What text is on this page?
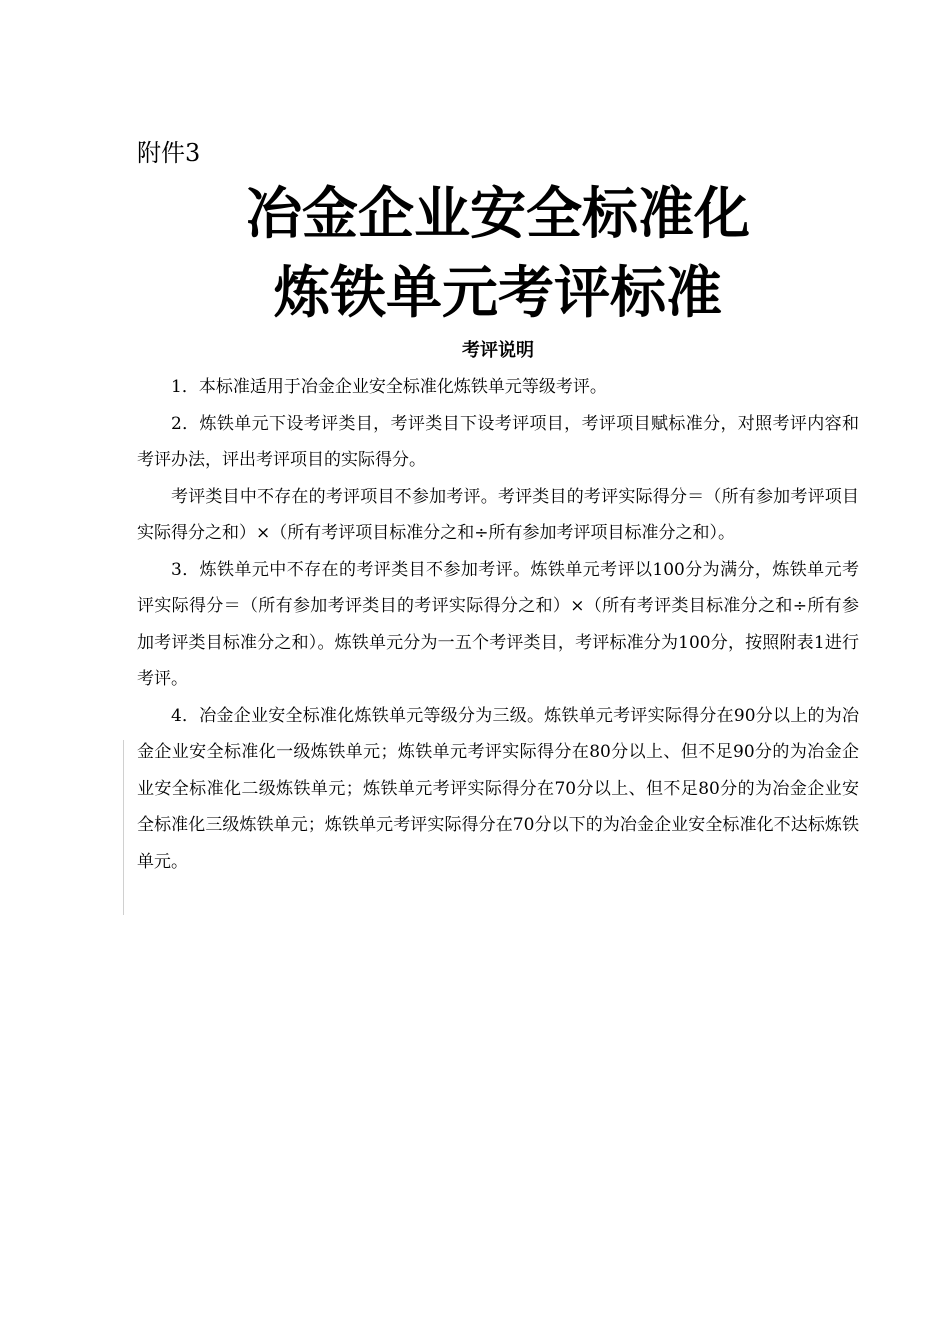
附件3
冶金企业安全标准化
炼铁单元考评标准
考评说明

1．本标准适用于冶金企业安全标准化炼铁单元等级考评。

2．炼铁单元下设考评类目，考评类目下设考评项目，考评项目赋标准分，对照考评内容和考评办法，评出考评项目的实际得分。

考评类目中不存在的考评项目不参加考评。考评类目的考评实际得分＝（所有参加考评项目实际得分之和）×（所有考评项目标准分之和÷所有参加考评项目标准分之和）。

3．炼铁单元中不存在的考评类目不参加考评。炼铁单元考评以100分为满分，炼铁单元考评实际得分＝（所有参加考评类目的考评实际得分之和）×（所有考评类目标准分之和÷所有参加考评类目标准分之和）。炼铁单元分为一五个考评类目，考评标准分为100分，按照附表1进行考评。

4．冶金企业安全标准化炼铁单元等级分为三级。炼铁单元考评实际得分在90分以上的为冶金企业安全标准化一级炼铁单元；炼铁单元考评实际得分在80分以上、但不足90分的为冶金企业安全标准化二级炼铁单元；炼铁单元考评实际得分在70分以上、但不足80分的为冶金企业安全标准化三级炼铁单元；炼铁单元考评实际得分在70分以下的为冶金企业安全标准化不达标炼铁单元。
